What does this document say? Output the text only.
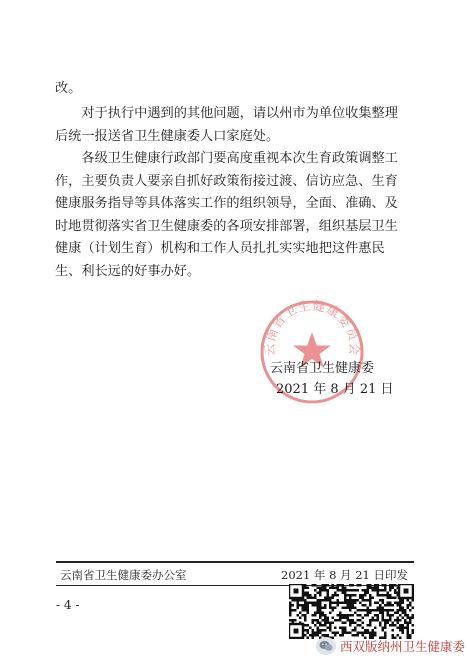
改。

对于执行中遇到的其他问题，请以州市为单位收集整理后统一报送省卫生健康委人口家庭处。

各级卫生健康行政部门要高度重视本次生育政策调整工作，主要负责人要亲自抓好政策衔接过渡、信访应急、生育健康服务指导等具体落实工作的组织领导，全面、准确、及时地贯彻落实省卫生健康委的各项安排部署，组织基层卫生健康（计划生育）机构和工作人员扎扎实实地把这件惠民生、利长远的好事办好。

云南省卫生健康委员会
云南省卫生健康委
2021 年 8 月 21 日
云南省卫生健康委办公室	2021 年 8 月 21 日印发
- 4 -
西双版纳州卫生健康委
